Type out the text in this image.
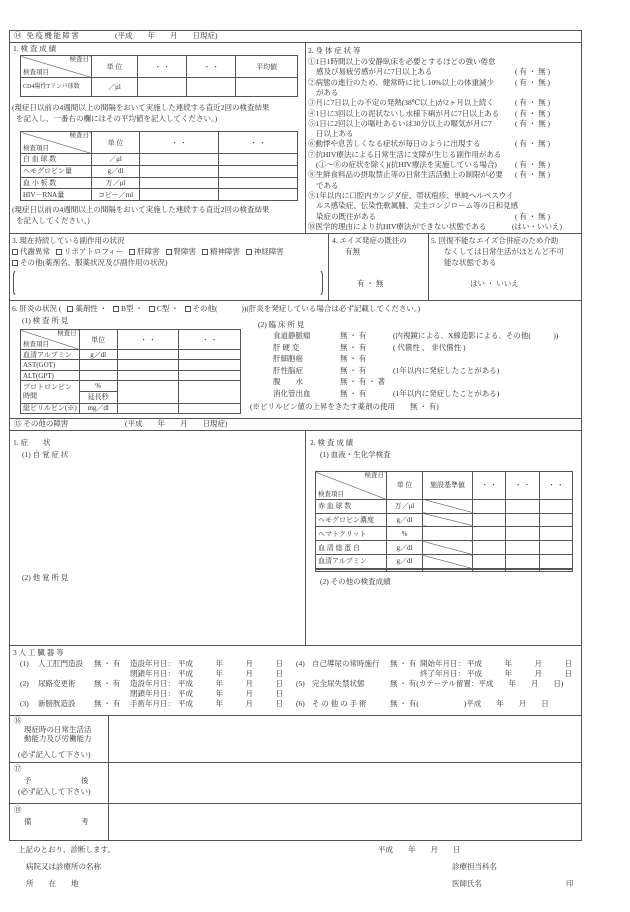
⑭ 免疫機能障害	(平成　　年　　月　　日現症)
1. 検 査 成 績
検査日
検査項目	単 位	・ ・	・ ・	平均値
CD4陽性Tリンパ球数	／μl			
(現症日以前の4週間以上の間隔をおいて実施した連続する直近2回の検査結果
を記入し、一番右の欄にはその平均値を記入してください。)
検査日
検査項目	単 位	・ ・	・ ・
白 血 球 数	／μl		
ヘモグロビン量	g／dl		
血 小 板 数	万／μl		
HIV－RNA量	コピー／ml		
(現症日以前の4週間以上の間隔をおいて実施した連続する直近2回の検査結果
を記入してください。)
2. 身 体 症 状 等
①1日1時間以上の安静臥床を必要とするほどの強い倦怠
感及び易疲労感が月に7日以上ある	( 有 ・ 無 )
②病態の進行のため、健常時に比し10%以上の体重減少	( 有 ・ 無 )
がある
③月に7日以上の不定の発熱(38℃以上)が2ヶ月以上続く	( 有 ・ 無 )
④1日に3回以上の泥状ないし水様下痢が月に7日以上ある ( 有 ・ 無 )
⑤1日に2回以上の嘔吐あるいは30分以上の嘔気が月に7	( 有 ・ 無 )
日以上ある
⑥動悸や息苦しくなる症状が毎日のように出現する	( 有 ・ 無 )
⑦抗HIV療法による日常生活に支障が生じる副作用がある
(①～⑥の症状を除く)(抗HIV療法を実施している場合) ( 有 ・ 無 )
⑧生鮮食料品の摂取禁止等の日常生活活動上の制限が必要 ( 有 ・ 無 )
である
⑨1年以内に口腔内カンジダ症、帯状疱疹、単純ヘルペスウイ
ルス感染症、伝染性軟属腫、尖圭コンジローム等の日和見感
染症の既往がある	( 有 ・ 無 )
⑩医学的理由により抗HIV療法ができない状態である	(はい・いいえ)
3. 現在持続している副作用の状況
代謝異常 リポアトロフィー 肝障害 腎障害 精神障害 神経障害
その他(薬剤名、服薬状況及び副作用の状況)
4. エイズ発症の既往の
有無
有 ・ 無
5. 回復不能なエイズ合併症のため介助
なくしては日常生活がほとんど不可
能な状態である
はい ・ いいえ
6. 肝炎の状況 ( 薬剤性 ・ B型 ・ C型 ・ その他(	))(肝炎を発症している場合は必ず記載してください。)
(1) 検 査 所 見
検査日
検査項目	単位	・ ・	・ ・
血清アルブミン	g／dl		
AST(GOT)			
ALT(GPT)			
プロトロンビン
時間	%		
	延長秒		
総ビリルビン(※)	mg／dl		
(2) 臨 床 所 見
食道静脈瘤	無 ・ 有	(内視鏡による、X線造影による、その他(　　　))
肝 硬 変	無 ・ 有	( 代償性 、 非代償性 )
肝細胞癌	無 ・ 有
肝性脳症	無 ・ 有	(1年以内に発症したことがある)
腹　　水	無 ・ 有 ・ 著
消化管出血	無 ・ 有	(1年以内に発症したことがある)
(※ビリルビン値の上昇をきたす薬剤の使用　　無 ・ 有)
⑮ その他の障害	(平成　　年　　月　　日現症)
1. 症　　状
(1) 自 覚 症 状
(2) 他 覚 所 見
2. 検 査 成 績
(1) 血液・生化学検査
検査日
検査項目	単 位	施設基準値	・ ・	・ ・	・ ・
赤 血 球 数	万／μl				
ヘモグロビン濃度	g／dl				
ヘマトクリット	%				
血 清 総 蛋 白	g／dl				
血清アルブミン	g／dl				

(2) その他の検査成績
3 人 工 臓 器 等
(1) 人工肛門造設 無 ・ 有 造設年月日： 平成　　　年　　　月　　　日
閉鎖年月日： 平成　　　年　　　月　　　日
(2) 尿路変更術 無 ・ 有 造設年月日： 平成　　　年　　　月　　　日
閉鎖年月日： 平成　　　年　　　月　　　日
(3) 新膀胱造設 無 ・ 有 手術年月日： 平成　　　年　　　月　　　日
(4) 自己導尿の常時施行 無 ・ 有 開始年月日： 平成　　　年　　　月　　　日
終了年月日： 平成　　　年　　　月　　　日
(5) 完全尿失禁状態	無 ・ 有(カテーテル留置：平成　　年　　月　　日)
(6) そ の 他 の 手 術	無 ・ 有(　　　　　　)平成　　年　　月　　日
⑯
現症時の日常生活活
動能力及び労働能力
(必ず記入して下さい)
⑰
予　　　　　後
(必ず記入して下さい)
⑱
備　　　　　考
上記のとおり、診断します。	平成　　年　　月　　日
病院又は診療所の名称
所　　在　　地
診療担当科名
医師氏名	印
